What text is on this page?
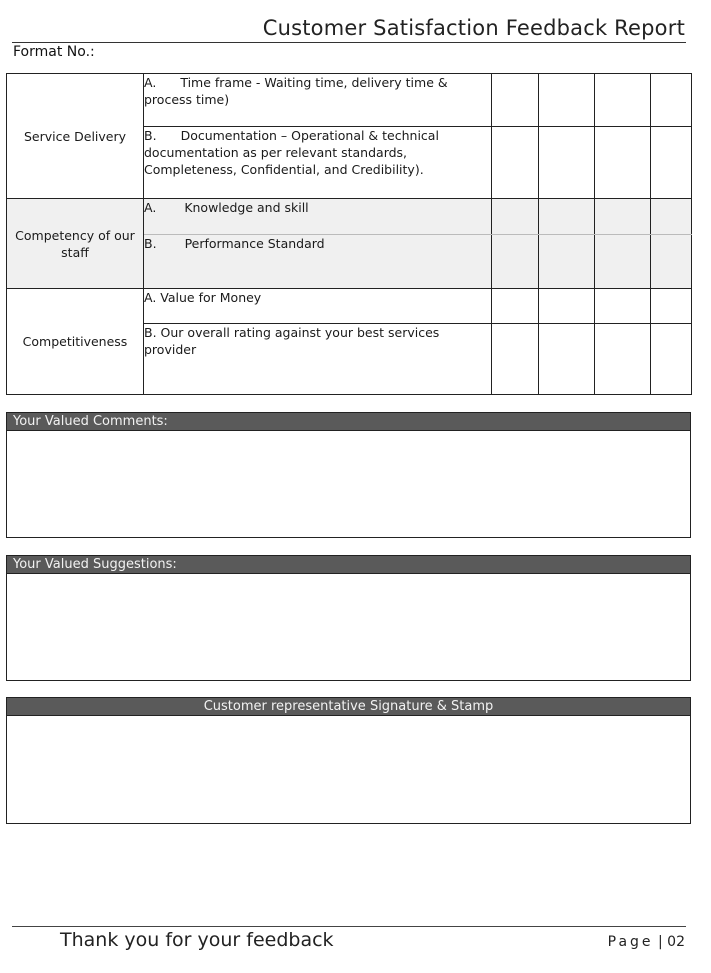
Customer Satisfaction Feedback Report
Format No.:
Service Delivery	A. Time frame - Waiting time, delivery time & process time)				
	B. Documentation – Operational & technical documentation as per relevant standards, Completeness, Confidential, and Credibility).				
Competency of our staff	A. Knowledge and skill				
	B. Performance Standard				
Competitiveness	A. Value for Money				
	B. Our overall rating against your best services provider				
Your Valued Comments:
Your Valued Suggestions:
Customer representative Signature & Stamp
Thank you for your feedback	Page | 02
